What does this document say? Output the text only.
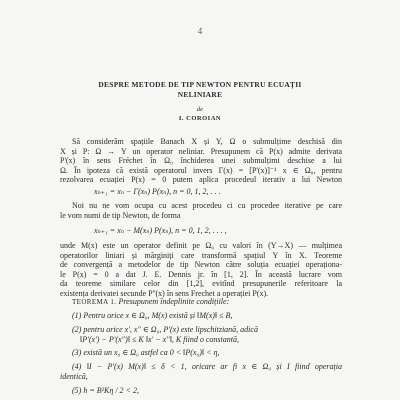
4
DESPRE METODE DE TIP NEWTON PENTRU ECUAȚII
NELINIARE
de
I. COROIAN
Să considerăm spațiile Banach X și Y, Ω o submulțime deschisă din
X și P: Ω → Y un operator neliniar. Presupunem că P(x) admite derivata
P'(x) în sens Fréchet în Ω₀ închiderea unei submulțimi deschise a lui
Ω. În ipoteza că există operatorul invers Γ(x) = [P'(x)]⁻¹ x ∈ Ω₀, pentru
rezolvarea ecuației P(x) = 0 putem aplica procedeul iterativ a lui Newton
xₙ₊₁ = xₙ − Γ(xₙ) P(xₙ), n = 0, 1, 2, . . .
Noi nu ne vom ocupa cu acest procedeu ci cu procedee iterative pe care
le vom numi de tip Newton, de forma
xₙ₊₁ = xₙ − M(xₙ) P(xₙ), n = 0, 1, 2, . . . ,
unde M(x) este un operator definit pe Ω₀ cu valori în (Y→X) — mulțimea
operatorilor liniari și mărginiți care transformă spațiul Y în X. Teoreme
de convergență a metodelor de tip Newton către soluția ecuației operaționa-
le P(x) = 0 a dat J. E. Dennis jr. în [1, 2]. În această lucrare vom
da teoreme similare celor din [1,2], evitînd presupunerile referitoare la
existența derivatei secunde P''(x) în sens Frechet a operației P(x).
TEOREMA 1. Presupunem îndeplinite condițiile:
(1) Pentru orice x ∈ Ω₀, M(x) există și ‖M(x)‖ ≤ B,
(2) pentru orice x', x'' ∈ Ω₀, P'(x) este lipschitziană, adică
‖P'(x') − P'(x'')‖ ≤ K ‖x' − x''‖, K fiind o constantă,
(3) există un x₀ ∈ Ω₀ astfel ca 0 < ‖P(x₀)‖ < η,
(4) ‖I − P'(x) M(x)‖ ≤ δ < 1, oricare ar fi x ∈ Ω₀ și I fiind operația
identică,
(5) h = B²Kη / 2 < 2,
